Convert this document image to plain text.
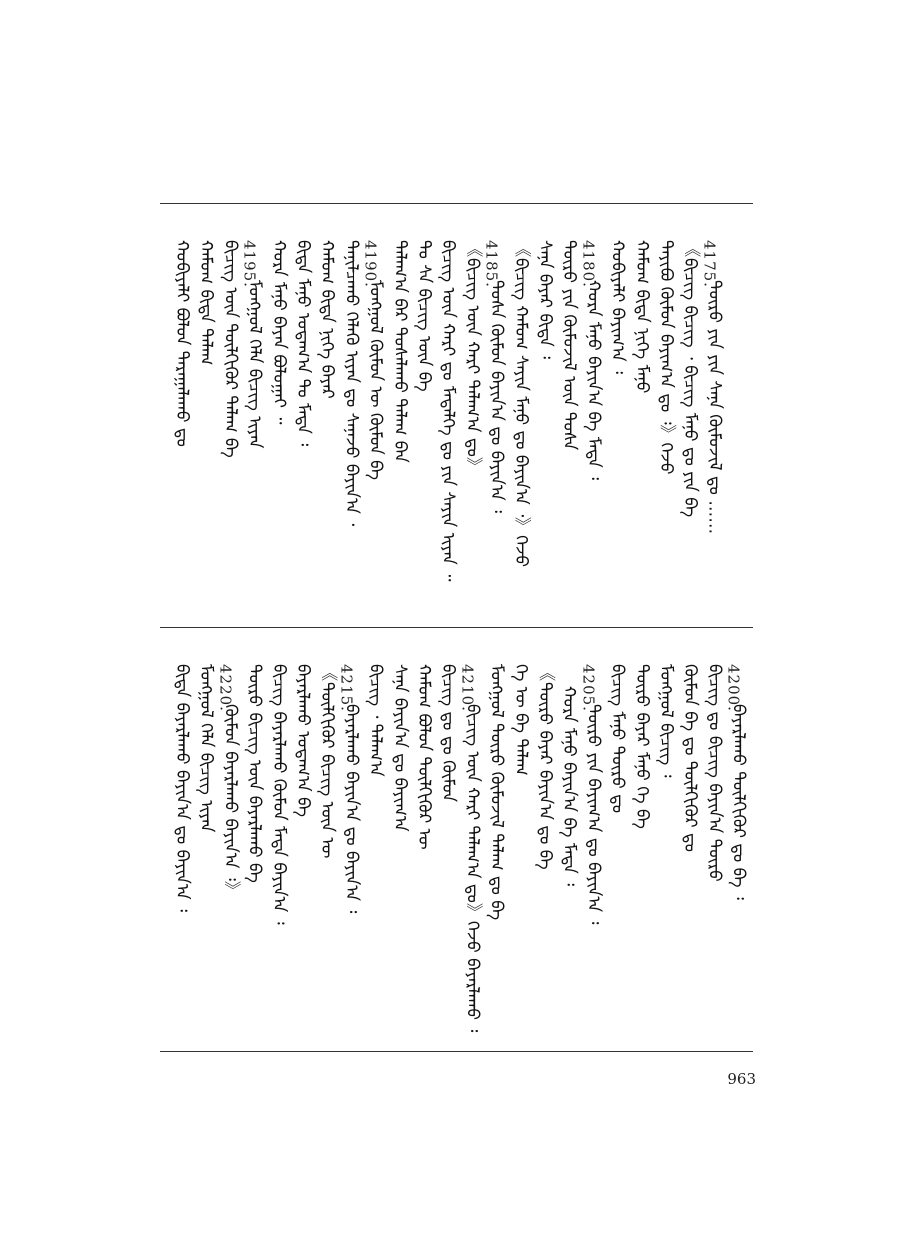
ᠬᠤᠪᠢᠶᠠᠯᠢ ᠪᠣᠯᠤᠨ ᠲᠠᠷᠠᠭᠠᠯᠠᠬᠤ ᠳᠤ ᠬᠠᠮᠤᠭ ᠪᠢᠳᠡ ᠲᠠᠯᠠᠭ ᠪᠢᠴᠢᠭ ᠦᠨ ᠲᠦᠯᠬᠢᠭᠦᠷ ᠲᠠᠯᠠᠭ ᠪᠠ ᠮᠣᠩᠭᠤᠯ ᠬᠡᠯᠡ ᠪᠢᠴᠢᠭ ᠢᠶᠡᠨ
4195. ᠬᠤᠷᠠ ᠮᠠᠨᠤ ᠪᠠᠶᠠᠨ ᠪᠣᠯᠤᠭᠠᠢ ᠃ ᠪᠢᠳᠡ ᠮᠠᠨᠤ ᠤᠳᠠᠭ᠎ᠠ ᠲᠤ ᠮᠡᠳᠡ ᠄ ᠬᠠᠮᠤᠭ ᠪᠢᠳᠡ ᠨᠢᠭᠡ ᠪᠠᠶᠠᠷ ᠲᠠᠨᠢᠯᠴᠠᠬᠤ ᠬᠡᠯᠡᠬᠦ ᠢᠶᠡᠨ ᠳᠤ ᠰᠠᠨᠠᠵᠤ ᠪᠠᠶᠢᠨ᠎ᠠ ᠂ ᠮᠣᠩᠭᠤᠯ ᠬᠦᠮᠦᠨ ᠦ ᠬᠦᠮᠦᠨ ᠪᠠ
4190. ᠲᠠᠯᠠᠭ᠎ᠠ ᠪᠠᠷ ᠲᠤᠰᠠᠯᠠᠬᠤ ᠲᠠᠯᠠᠭ ᠪᠡᠨ ᠲᠤ ᠰᠠ ᠪᠢᠴᠢᠭ ᠦᠨ ᠪᠠ ᠪᠢᠴᠢᠭ ᠦᠨ ᠬᠠᠷᠢ ᠳᠤ ᠮᠡᠳᠡᠯᠭᠡ ᠳᠤ ᠶᠢᠨ ᠰᠠᠶᠢᠨ ᠢᠶᠡᠨ ᠃ 《ᠪᠢᠴᠢᠭ ᠦᠨ ᠬᠠᠷᠢ ᠲᠠᠯᠠᠭ᠎ᠠ ᠳᠤ》 ᠲᠤᠰᠠ ᠬᠦᠮᠦᠨ ᠪᠠᠶᠢᠨ᠎ᠠ ᠳᠤ ᠪᠠᠶᠢᠨ᠎ᠠ ᠄
4185. 《ᠪᠢᠴᠢᠭ ᠬᠠᠮᠤᠭ ᠰᠠᠶᠢᠨ ᠮᠠᠨᠤ ᠳᠤ ᠪᠠᠶᠢᠨ᠎ᠠ ᠂》ᠭᠡᠵᠦ ᠰᠠᠨᠠ ᠪᠠᠶᠠᠷ ᠪᠢᠳᠡ ᠄ ᠲᠦᠷᠦ ᠶᠢᠨ ᠬᠦᠮᠦᠵᠢᠯ ᠦᠨ ᠲᠤᠰᠠ ᠬᠤᠷᠠ ᠮᠠᠨᠤ ᠪᠠᠶᠢᠨ᠎ᠠ ᠪᠠ ᠮᠡᠳᠡ ᠄
4180. ᠬᠤᠪᠢᠶᠠᠯᠢ ᠪᠠᠶᠢᠭ᠎ᠠ ᠄ ᠬᠠᠮᠤᠭ ᠪᠢᠳᠡ ᠨᠢᠭᠡ ᠮᠠᠨᠤ ᠲᠠᠶᠢᠪᠤ ᠬᠦᠮᠦᠨ ᠪᠠᠶᠢᠭ᠎ᠠ ᠳᠤ ᠄》ᠭᠡᠵᠦ 《ᠪᠢᠴᠢᠭ ᠪᠢᠴᠢᠭ ᠂ ᠪᠢᠴᠢᠭ ᠮᠠᠨᠤ ᠳᠤ ᠶᠢᠨ ᠪᠠ ᠲᠦᠷᠦ ᠶᠢᠨ ᠶᠢᠨ ᠰᠠᠨᠠ ᠬᠦᠮᠦᠵᠢᠯ ᠳᠤ ……
4175.
ᠪᠢᠳᠡ ᠪᠠᠶᠠᠷᠯᠠᠬᠤ ᠪᠠᠶᠢᠨ᠎ᠠ ᠳᠤ ᠪᠠᠶᠢᠨ᠎ᠠ ᠄ ᠮᠣᠩᠭᠤᠯ ᠬᠡᠯᠡ ᠪᠢᠴᠢᠭ ᠢᠶᠡᠨ ᠬᠦᠮᠦᠨ ᠪᠠᠶᠠᠷᠯᠠᠬᠤ ᠪᠠᠶᠢᠨ᠎ᠠ ᠄》
4220. ᠲᠦᠷᠦ ᠪᠢᠴᠢᠭ ᠦᠨ ᠪᠠᠶᠠᠷᠯᠠᠬᠤ ᠪᠠ ᠪᠢᠴᠢᠭ ᠪᠠᠶᠠᠷᠯᠠᠬᠤ ᠬᠦᠮᠦᠨ ᠮᠡᠳᠡ ᠪᠠᠶᠢᠨ᠎ᠠ ᠄ ᠪᠠᠶᠠᠷᠯᠠᠬᠤ ᠤᠳᠠᠭ᠎ᠠ ᠪᠠ 《ᠲᠦᠯᠬᠢᠭᠦᠷ ᠪᠢᠴᠢᠭ ᠦᠨ ᠦ ᠪᠠᠶᠠᠷᠯᠠᠬᠤ ᠪᠠᠶᠢᠨ᠎ᠠ ᠳᠤ ᠪᠠᠶᠢᠨ᠎ᠠ ᠄
4215. ᠪᠢᠴᠢᠭ ᠂ ᠲᠠᠯᠠᠭ᠎ᠠ ᠰᠠᠨᠠ ᠪᠠᠶᠢᠨ᠎ᠠ ᠳᠤ ᠪᠠᠶᠢᠭ᠎ᠠ ᠬᠠᠮᠤᠭ ᠪᠣᠯᠤᠨ ᠲᠦᠯᠬᠢᠭᠦᠷ ᠦ ᠪᠢᠴᠢᠭ ᠳᠤ ᠳᠤ ᠬᠦᠮᠦᠨ ᠪᠢᠴᠢᠭ ᠦᠨ ᠬᠠᠷᠢ ᠲᠠᠯᠠᠭ᠎ᠠ ᠳᠤ》ᠭᠡᠵᠦ ᠪᠠᠶᠠᠷᠯᠠᠬᠤ ᠄
4210. ᠮᠣᠩᠭᠤᠯ ᠲᠦᠷᠦ ᠬᠦᠮᠦᠵᠢᠯ ᠲᠠᠯᠠᠭ ᠳᠤ ᠪᠠ ᠬᠡ ᠦ ᠪᠠ ᠲᠠᠯᠠᠭ 《ᠲᠦᠷᠦ ᠪᠠᠶᠠᠷ ᠪᠠᠶᠢᠨ᠎ᠠ ᠳᠤ ᠪᠠ ᠬᠤᠷᠠ ᠮᠠᠨᠤ ᠪᠠᠶᠢᠨ᠎ᠠ ᠪᠠ ᠮᠡᠳᠡ ᠄ ᠲᠦᠷᠦ ᠶᠢᠨ ᠪᠠᠶᠢᠭ᠎ᠠ ᠳᠤ ᠪᠠᠶᠢᠨ᠎ᠠ ᠄
4205. ᠪᠢᠴᠢᠭ ᠮᠠᠨᠤ ᠲᠦᠷᠦ ᠳᠤ ᠲᠦᠷᠦ ᠪᠠᠶᠠᠷ ᠮᠠᠨᠤ ᠬᠡ ᠪᠠ ᠮᠣᠩᠭᠤᠯ ᠪᠢᠴᠢᠭ ᠄ ᠬᠦᠮᠦᠨ ᠪᠠ ᠳᠤ ᠲᠦᠯᠬᠢᠭᠦᠷ ᠳᠤ ᠪᠢᠴᠢᠭ ᠳᠤ ᠪᠢᠴᠢᠭ ᠪᠠᠶᠢᠨ᠎ᠠ ᠲᠦᠷᠦ ᠪᠠᠶᠠᠷᠯᠠᠬᠤ ᠲᠦᠯᠬᠢᠭᠦᠷ ᠳᠤ ᠪᠠ ᠄
4200.
963
